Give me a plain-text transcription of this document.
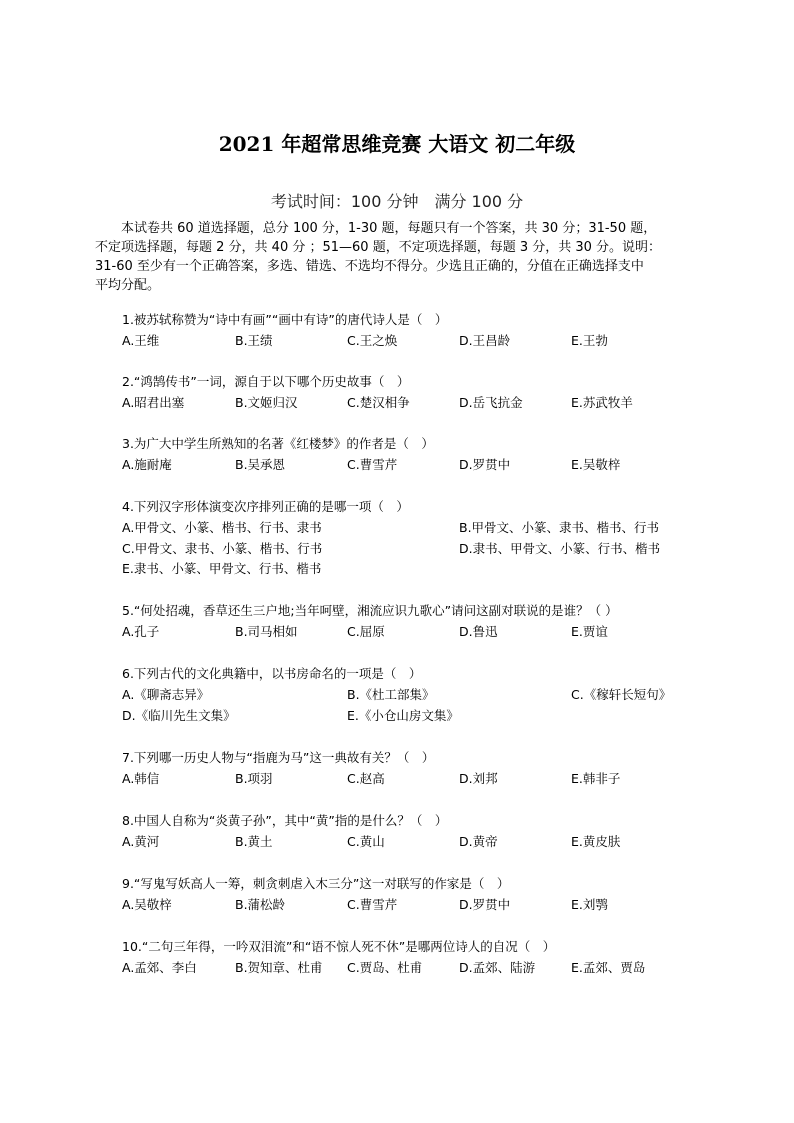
2021 年超常思维竞赛 大语文 初二年级
考试时间：100 分钟　满分 100 分
　　本试卷共 60 道选择题，总分 100 分，1-30 题，每题只有一个答案，共 30 分；31-50 题，
不定项选择题，每题 2 分，共 40 分 ；51—60 题，不定项选择题，每题 3 分，共 30 分。说明：
31-60 至少有一个正确答案，多选、错选、不选均不得分。少选且正确的，分值在正确选择支中
平均分配。
1.被苏轼称赞为“诗中有画”“画中有诗”的唐代诗人是（　）
A.王维	B.王绩	C.王之焕	D.王昌龄	E.王勃
2.“鸿鹄传书”一词，源自于以下哪个历史故事（　）
A.昭君出塞	B.文姬归汉	C.楚汉相争	D.岳飞抗金	E.苏武牧羊
3.为广大中学生所熟知的名著《红楼梦》的作者是（　）
A.施耐庵	B.吴承恩	C.曹雪芹	D.罗贯中	E.吴敬梓
4.下列汉字形体演变次序排列正确的是哪一项（　）
A.甲骨文、小篆、楷书、行书、隶书	B.甲骨文、小篆、隶书、楷书、行书
C.甲骨文、隶书、小篆、楷书、行书	D.隶书、甲骨文、小篆、行书、楷书
E.隶书、小篆、甲骨文、行书、楷书
5.“何处招魂，香草还生三户地;当年呵壁，湘流应识九歌心”请问这副对联说的是谁？（ ）
A.孔子	B.司马相如	C.屈原	D.鲁迅	E.贾谊
6.下列古代的文化典籍中，以书房命名的一项是（　）
A.《聊斋志异》	B.《杜工部集》	C.《稼轩长短句》
D.《临川先生文集》	E.《小仓山房文集》
7.下列哪一历史人物与“指鹿为马”这一典故有关？（　）
A.韩信	B.项羽	C.赵高	D.刘邦	E.韩非子
8.中国人自称为“炎黄子孙”，其中“黄”指的是什么？（　）
A.黄河	B.黄土	C.黄山	D.黄帝	E.黄皮肤
9.“写鬼写妖高人一筹，刺贪刺虐入木三分”这一对联写的作家是（　）
A.吴敬梓	B.蒲松龄	C.曹雪芹	D.罗贯中	E.刘鹗
10.“二句三年得，一吟双泪流”和“语不惊人死不休”是哪两位诗人的自况（　）
A.孟郊、李白	B.贺知章、杜甫 C.贾岛、杜甫	D.孟郊、陆游	E.孟郊、贾岛
